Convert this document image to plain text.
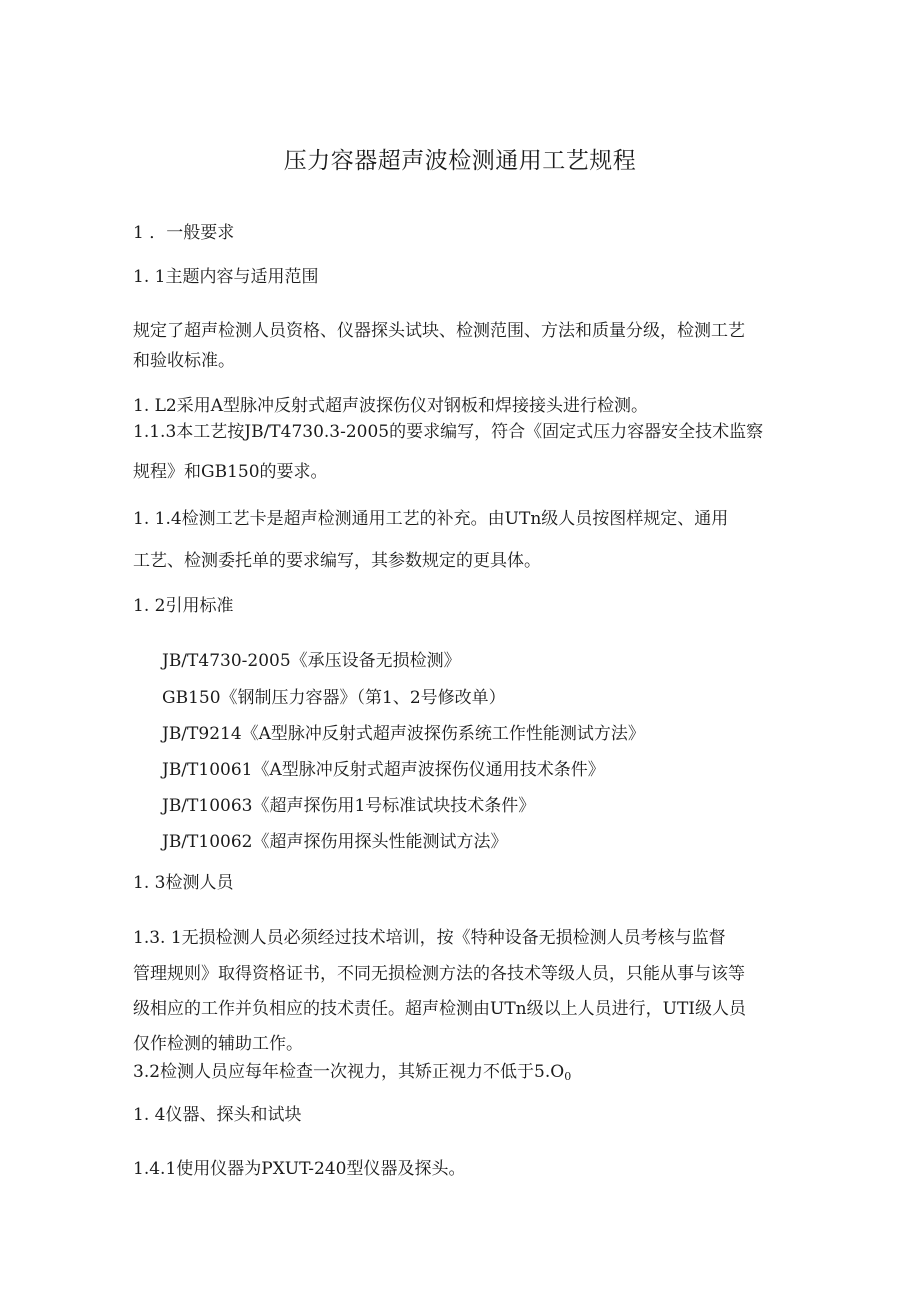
压力容器超声波检测通用工艺规程
1 ．一般要求
1. 1主题内容与适用范围
规定了超声检测人员资格、仪器探头试块、检测范围、方法和质量分级，检测工艺
和验收标准。
1. L2采用A型脉冲反射式超声波探伤仪对钢板和焊接接头进行检测。
1.1.3本工艺按JB/T4730.3-2005的要求编写，符合《固定式压力容器安全技术监察
规程》和GB150的要求。
1. 1.4检测工艺卡是超声检测通用工艺的补充。由UTn级人员按图样规定、通用
工艺、检测委托单的要求编写，其参数规定的更具体。
1. 2引用标准
JB/T4730-2005《承压设备无损检测》
GB150《钢制压力容器》（第1、2号修改单）
JB∕T9214《A型脉冲反射式超声波探伤系统工作性能测试方法》
JB∕T10061《A型脉冲反射式超声波探伤仪通用技术条件》
JB/T10063《超声探伤用1号标准试块技术条件》
JB/T10062《超声探伤用探头性能测试方法》
1. 3检测人员
1.3. 1无损检测人员必须经过技术培训，按《特种设备无损检测人员考核与监督
管理规则》取得资格证书，不同无损检测方法的各技术等级人员，只能从事与该等
级相应的工作并负相应的技术责任。超声检测由UTn级以上人员进行，UTI级人员
仅作检测的辅助工作。
3.2检测人员应每年检查一次视力，其矫正视力不低于$5.O_0$
1. 4仪器、探头和试块
1.4.1使用仪器为PXUT-240型仪器及探头。
